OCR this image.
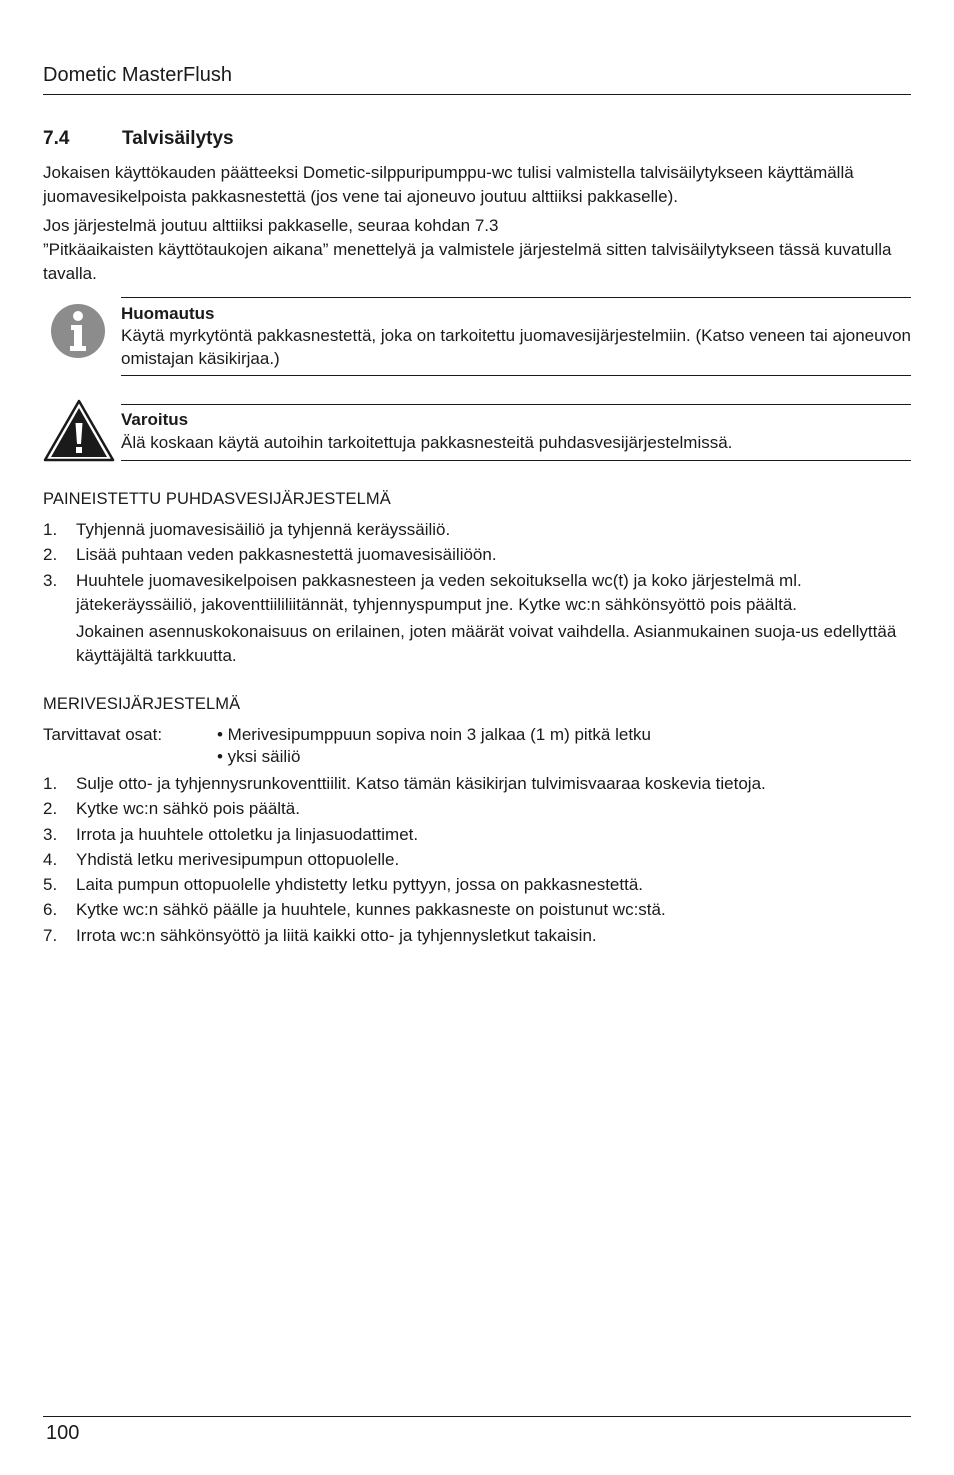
Dometic MasterFlush
7.4	Talvisäilytys
Jokaisen käyttökauden päätteeksi Dometic-silppuripumppu-wc tulisi valmistella talvisäilytykseen käyttämällä juomavesikelpoista pakkasnestettä (jos vene tai ajoneuvo joutuu alttiiksi pakkaselle).
Jos järjestelmä joutuu alttiiksi pakkaselle, seuraa kohdan 7.3
”Pitkäaikaisten käyttötaukojen aikana” menettelyä ja valmistele järjestelmä sitten talvisäilytykseen tässä kuvatulla tavalla.
Huomautus
Käytä myrkytöntä pakkasnestettä, joka on tarkoitettu juomavesijärjestelmiin. (Katso veneen tai ajoneuvon omistajan käsikirjaa.)
Varoitus
Älä koskaan käytä autoihin tarkoitettuja pakkasnesteitä puhdasvesijärjestelmissä.
PAINEISTETTU PUHDASVESIJÄRJESTELMÄ
1. Tyhjennä juomavesisäiliö ja tyhjennä keräyssäiliö.
2. Lisää puhtaan veden pakkasnestettä juomavesisäiliöön.
3. Huuhtele juomavesikelpoisen pakkasnesteen ja veden sekoituksella wc(t) ja koko järjestelmä ml. jätekeräyssäiliö, jakoventtiililiitännät, tyhjennyspumput jne. Kytke wc:n sähkönsyöttö pois päältä.
Jokainen asennuskokonaisuus on erilainen, joten määrät voivat vaihdella. Asianmukainen suoja-us edellyttää käyttäjältä tarkkuutta.
MERIVESIJÄRJESTELMÄ
Tarvittavat osat:	• Merivesipumppuun sopiva noin 3 jalkaa (1 m) pitkä letku
• yksi säiliö
1. Sulje otto- ja tyhjennysrunkoventtiilit. Katso tämän käsikirjan tulvimisvaaraa koskevia tietoja.
2. Kytke wc:n sähkö pois päältä.
3. Irrota ja huuhtele ottoletku ja linjasuodattimet.
4. Yhdistä letku merivesipumpun ottopuolelle.
5. Laita pumpun ottopuolelle yhdistetty letku pyttyyn, jossa on pakkasnestettä.
6. Kytke wc:n sähkö päälle ja huuhtele, kunnes pakkasneste on poistunut wc:stä.
7. Irrota wc:n sähkönsyöttö ja liitä kaikki otto- ja tyhjennysletkut takaisin.
100
